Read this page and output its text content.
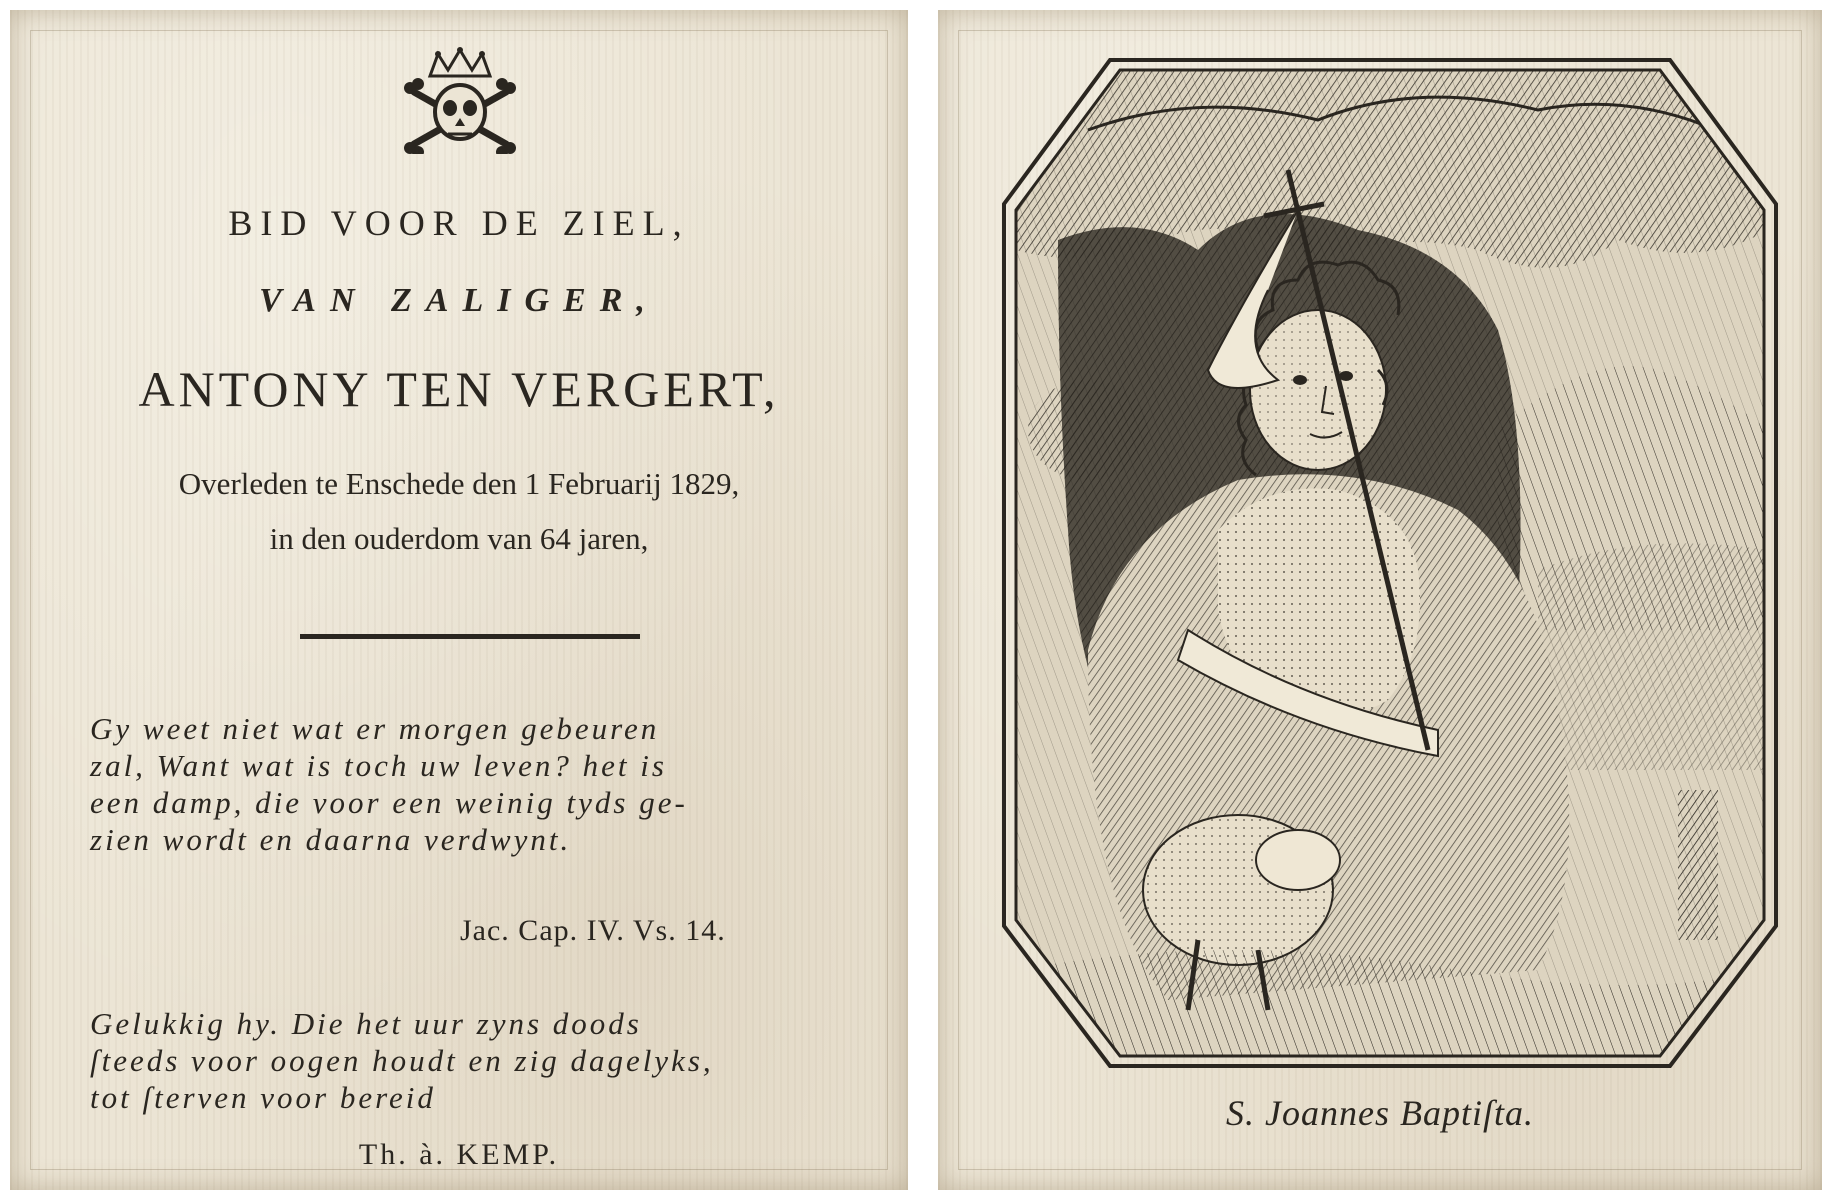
BID VOOR DE ZIEL,
VAN ZALIGER,
ANTONY TEN VERGERT,
Overleden te Enschede den 1 Februarij 1829,
in den ouderdom van 64 jaren,
Gy weet niet wat er morgen gebeuren
zal, Want wat is toch uw leven? het is
een damp, die voor een weinig tyds ge-
zien wordt en daarna verdwynt.
Jac. Cap. IV. Vs. 14.
Gelukkig hy. Die het uur zyns doods
ſteeds voor oogen houdt en zig dagelyks,
tot ſterven voor bereid
Th. à. KEMP.
S. Joannes Baptiſta.
